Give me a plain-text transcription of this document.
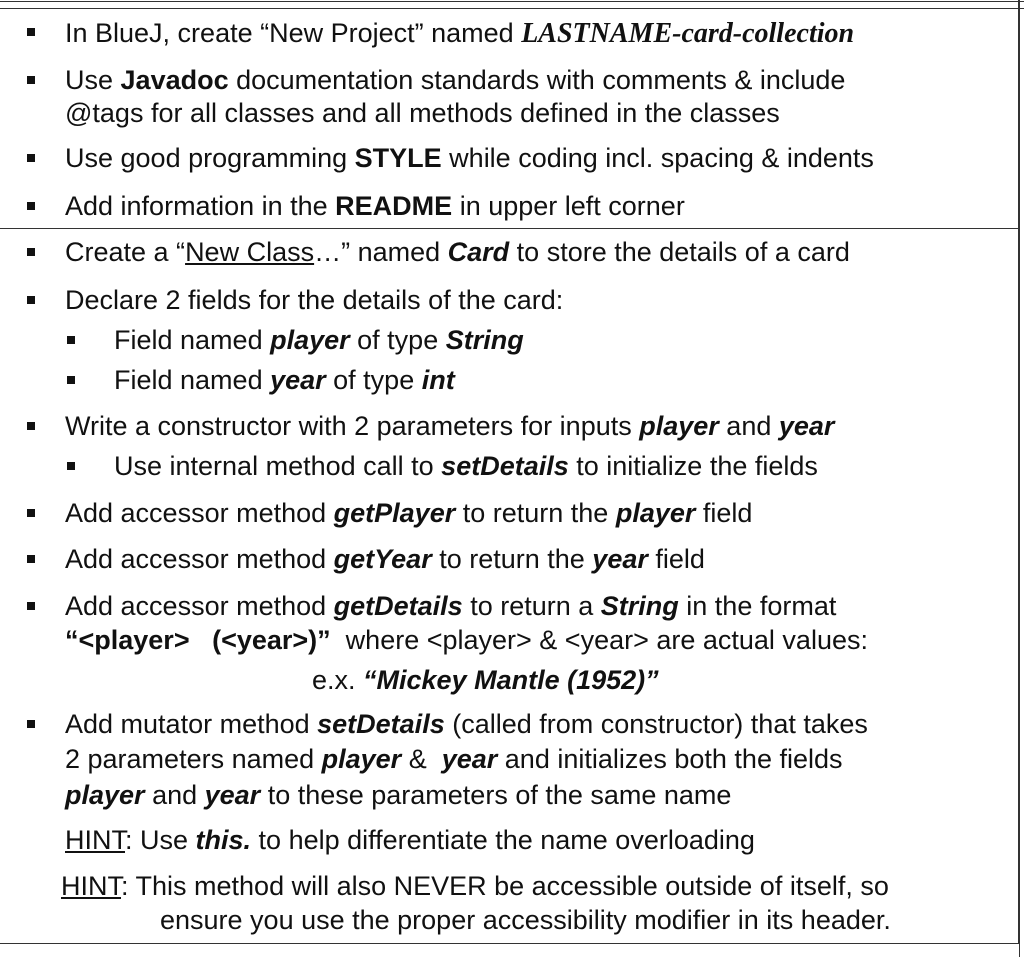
In BlueJ, create “New Project” named LASTNAME-card-collection
Use Javadoc documentation standards with comments & include
@tags for all classes and all methods defined in the classes
Use good programming STYLE while coding incl. spacing & indents
Add information in the README in upper left corner
Create a “New Class…” named Card to store the details of a card
Declare 2 fields for the details of the card:
Field named player of type String
Field named year of type int
Write a constructor with 2 parameters for inputs player and year
Use internal method call to setDetails to initialize the fields
Add accessor method getPlayer to return the player field
Add accessor method getYear to return the year field
Add accessor method getDetails to return a String in the format
“<player>   (<year>)”  where <player> & <year> are actual values:
e.x. “Mickey Mantle (1952)”
Add mutator method setDetails (called from constructor) that takes
2 parameters named player &  year and initializes both the fields
player and year to these parameters of the same name
HINT: Use this. to help differentiate the name overloading
HINT: This method will also NEVER be accessible outside of itself, so
ensure you use the proper accessibility modifier in its header.
